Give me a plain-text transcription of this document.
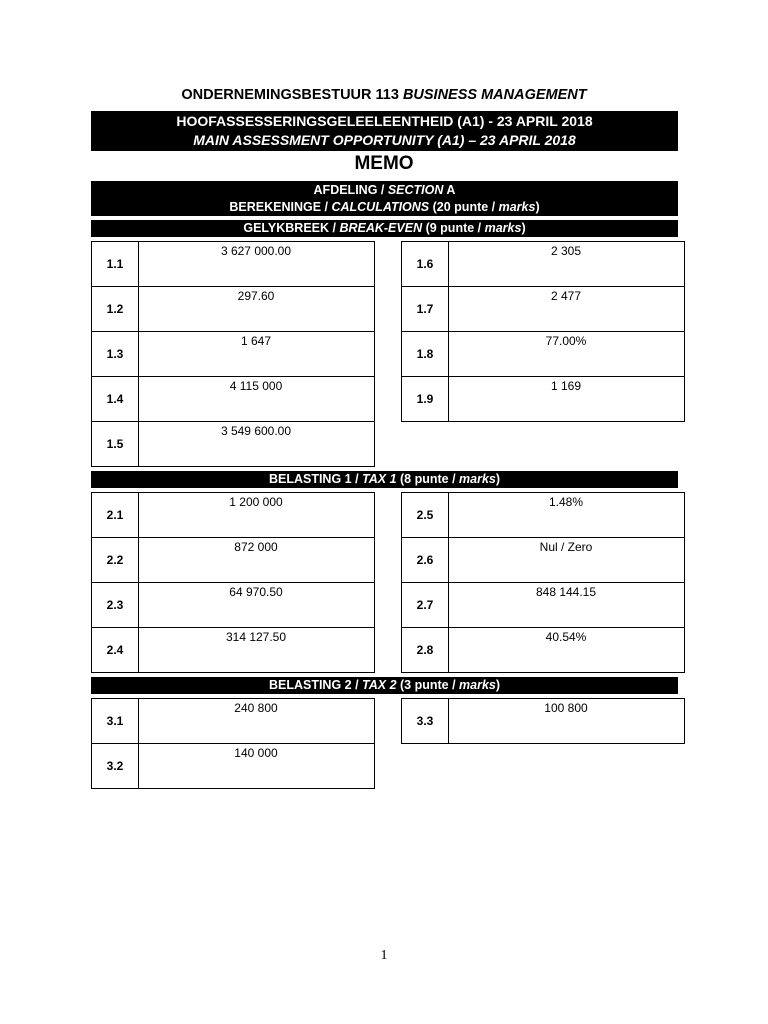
ONDERNEMINGSBESTUUR 113 BUSINESS MANAGEMENT
HOOFASSESSERINGSGELEELEENTHEID (A1) - 23 APRIL 2018
MAIN ASSESSMENT OPPORTUNITY (A1) – 23 APRIL 2018
MEMO
AFDELING / SECTION A
BEREKENINGE / CALCULATIONS (20 punte / marks)
GELYKBREEK / BREAK-EVEN (9 punte / marks)
1.1
3 627 000.00
1.2
297.60
1.3
1 647
1.4
4 115 000
1.5
3 549 600.00
1.6
2 305
1.7
2 477
1.8
77.00%
1.9
1 169
BELASTING 1 / TAX 1 (8 punte / marks)
2.1
1 200 000
2.2
872 000
2.3
64 970.50
2.4
314 127.50
2.5
1.48%
2.6
Nul / Zero
2.7
848 144.15
2.8
40.54%
BELASTING 2 / TAX 2 (3 punte / marks)
3.1
240 800
3.2
140 000
3.3
100 800
1
